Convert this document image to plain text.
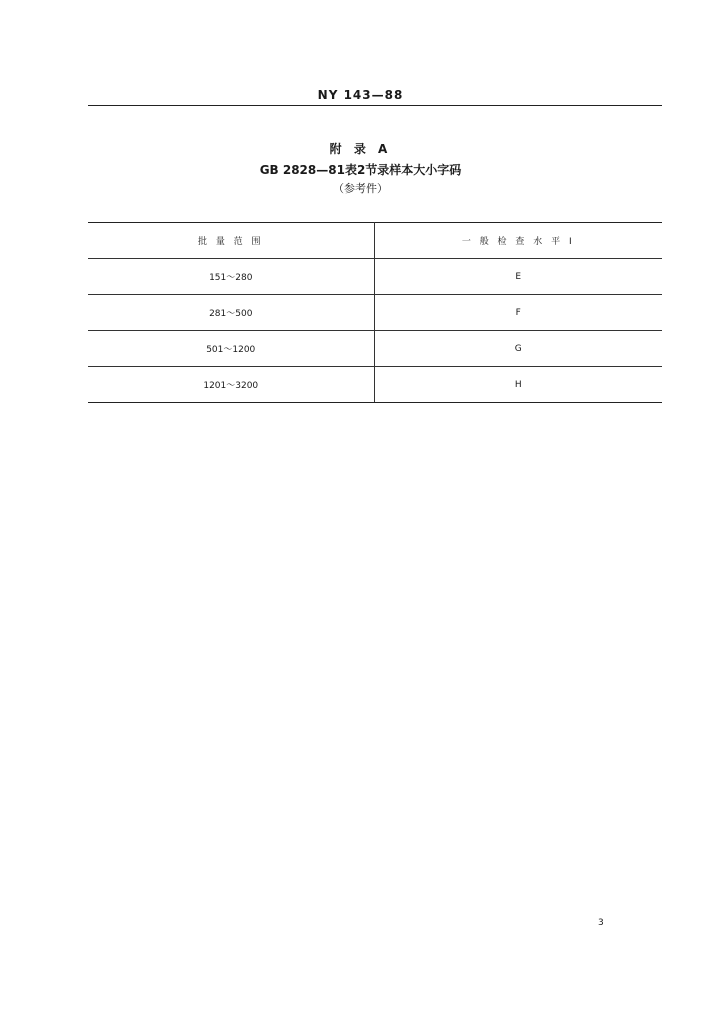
NY 143—88
附 录 A
GB 2828—81表2节录样本大小字码
（参考件）
批 量 范 围	一 般 检 查 水 平 Ⅰ
151～280	E
281～500	F
501～1200	G
1201～3200	H
3
